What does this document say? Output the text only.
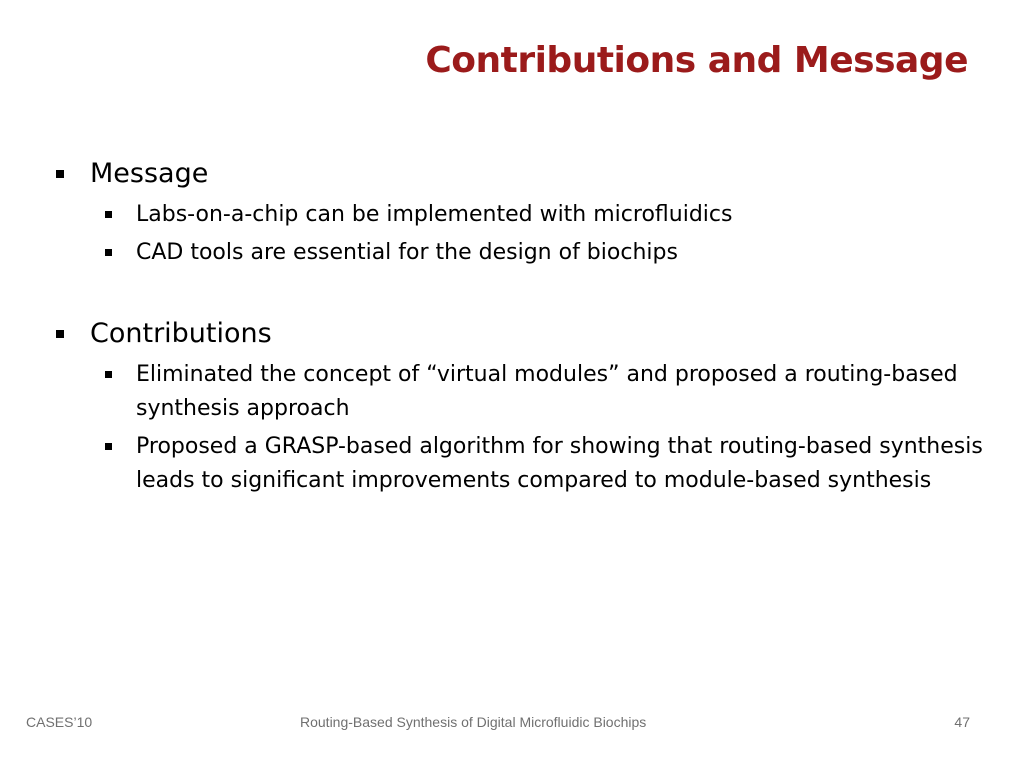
Contributions and Message
Message
Labs-on-a-chip can be implemented with microfluidics
CAD tools are essential for the design of biochips
Contributions
Eliminated the concept of “virtual modules” and proposed a routing-based synthesis approach
Proposed a GRASP-based algorithm for showing that routing-based synthesis leads to significant improvements compared to module-based synthesis
CASES’10	Routing-Based Synthesis of Digital Microfluidic Biochips	47
